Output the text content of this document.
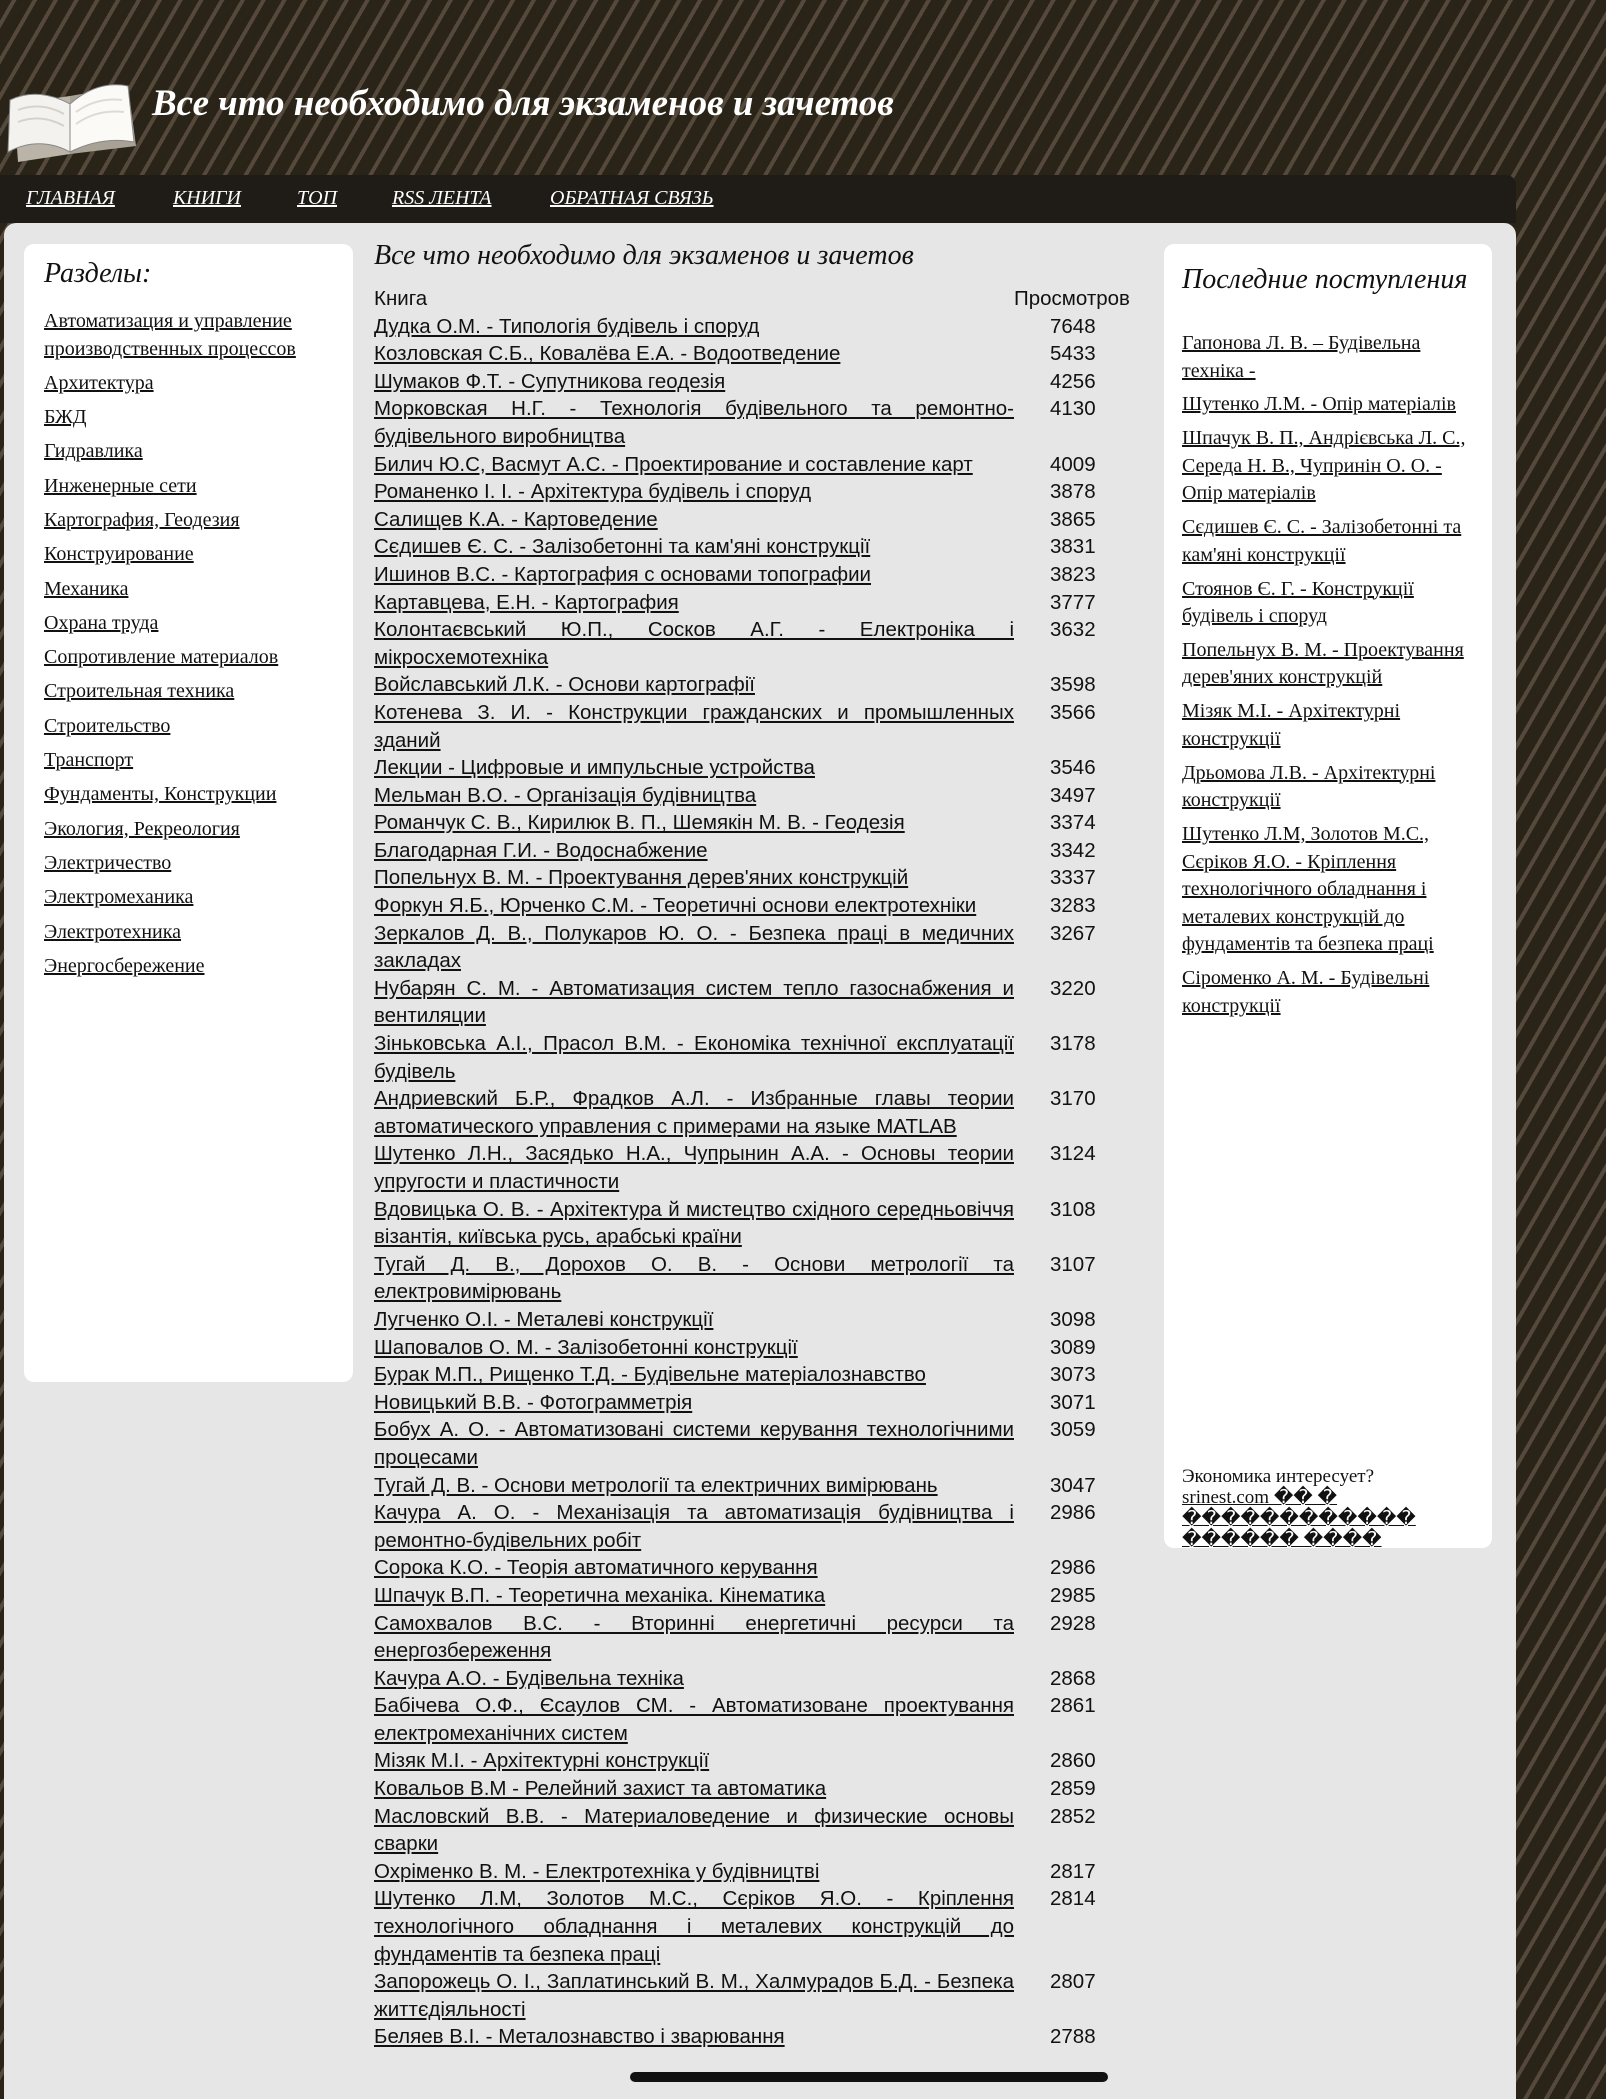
Все что необходимо для экзаменов и зачетов
ГЛАВНАЯ	КНИГИ	ТОП	RSS ЛЕНТА	ОБРАТНАЯ СВЯЗЬ
Разделы:
Автоматизация и управление производственных процессов
Архитектура
БЖД
Гидравлика
Инженерные сети
Картография, Геодезия
Конструирование
Механика
Охрана труда
Сопротивление материалов
Строительная техника
Строительство
Транспорт
Фундаменты, Конструкции
Экология, Рекреология
Электричество
Электромеханика
Электротехника
Энергосбережение
Все что необходимо для экзаменов и зачетов
Книга	Просмотров
Дудка О.М. - Типологія будівель і споруд	7648
Козловская С.Б., Ковалёва Е.А. - Водоотведение	5433
Шумаков Ф.Т. - Супутникова геодезія	4256
Морковская Н.Г. - Технологія будівельного та ремонтно-будівельного виробництва	4130
Билич Ю.С, Васмут А.С. - Проектирование и составление карт	4009
Романенко І. І. - Архітектура будівель і споруд	3878
Салищев К.А. - Картоведение	3865
Сєдишев Є. С. - Залізобетонні та кам'яні конструкції	3831
Ишинов В.С. - Картография с основами топографии	3823
Картавцева, Е.Н. - Картография	3777
Колонтаєвський Ю.П., Сосков А.Г. - Електроніка і мікросхемотехніка	3632
Войславський Л.К. - Основи картографії	3598
Котенева З. И. - Конструкции гражданских и промышленных зданий	3566
Лекции - Цифровые и импульсные устройства	3546
Мельман В.О. - Організація будівництва	3497
Романчук С. В., Кирилюк В. П., Шемякін М. В. - Геодезія	3374
Благодарная Г.И. - Водоснабжение	3342
Попельнух В. М. - Проектування дерев'яних конструкцій	3337
Форкун Я.Б., Юрченко С.М. - Теоретичні основи електротехніки	3283
Зеркалов Д. В., Полукаров Ю. О. - Безпека праці в медичних закладах	3267
Нубарян С. М. - Автоматизация систем тепло газоснабжения и вентиляции	3220
Зіньковська А.І., Прасол В.М. - Економіка технічної експлуатації будівель	3178
Андриевский Б.Р., Фрадков А.Л. - Избранные главы теории автоматического управления с примерами на языке MATLAB	3170
Шутенко Л.Н., Засядько Н.А., Чупрынин А.А. - Основы теории упругости и пластичности	3124
Вдовицька О. В. - Архітектура й мистецтво східного середньовіччя візантія, київська русь, арабські країни	3108
Тугай Д. В., Дорохов О. В. - Основи метрології та електровимірювань	3107
Лугченко О.І. - Металеві конструкції	3098
Шаповалов О. М. - Залізобетонні конструкції	3089
Бурак М.П., Рищенко Т.Д. - Будівельне матеріалознавство	3073
Новицький В.В. - Фотограмметрія	3071
Бобух А. О. - Автоматизовані системи керування технологічними процесами	3059
Тугай Д. В. - Основи метрології та електричних вимірювань	3047
Качура А. О. - Механізація та автоматизація будівництва і ремонтно-будівельних робіт	2986
Сорока К.О. - Теорія автоматичного керування	2986
Шпачук В.П. - Теоретична механіка. Кінематика	2985
Самохвалов В.С. - Вторинні енергетичні ресурси та енергозбереження	2928
Качура А.О. - Будівельна техніка	2868
Бабічева О.Ф., Єсаулов СМ. - Автоматизоване проектування електромеханічних систем	2861
Мізяк М.І. - Архітектурні конструкції	2860
Ковальов В.М - Релейний захист та автоматика	2859
Масловский В.В. - Материаловедение и физические основы сварки	2852
Охріменко В. М. - Електротехніка у будівництві	2817
Шутенко Л.М, Золотов М.С., Сєріков Я.О. - Кріплення технологічного обладнання і металевих конструкцій до фундаментів та безпека праці	2814
Запорожець О. І., Заплатинський В. М., Халмурадов Б.Д. - Безпека життєдіяльності	2807
Беляев В.І. - Металознавство і зварювання	2788
Последние поступления
Гапонова Л. В. – Будівельна техніка -
Шутенко Л.М. - Опір матеріалів
Шпачук В. П., Андрієвська Л. С., Середа Н. В., Чупринін О. О. - Опір матеріалів
Сєдишев Є. С. - Залізобетонні та кам'яні конструкції
Стоянов Є. Г. - Конструкції будівель і споруд
Попельнух В. М. - Проектування дерев'яних конструкцій
Мізяк М.І. - Архітектурні конструкції
Дрьомова Л.В. - Архітектурні конструкції
Шутенко Л.М, Золотов М.С., Сєріков Я.О. - Кріплення технологічного обладнання і металевих конструкцій до фундаментів та безпека праці
Сіроменко А. М. - Будівельні конструкції
Экономика интересует?
srinest.com �� � ������������ ������ ����
